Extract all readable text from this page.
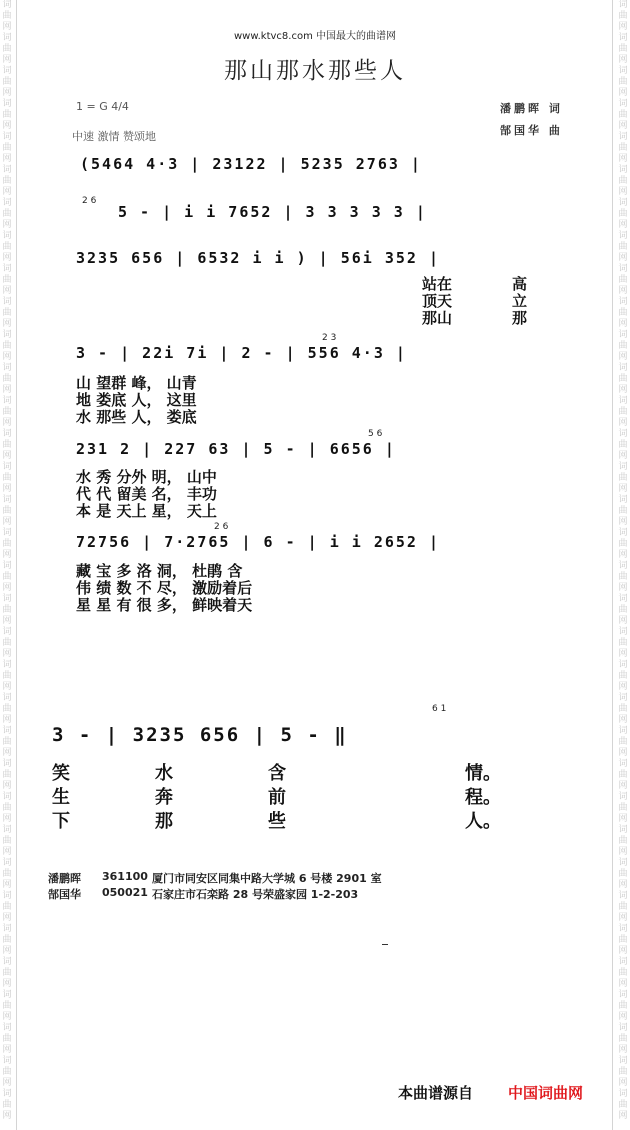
词
曲
网
词
曲
网
词
曲
网
词
曲
网
词
曲
网
词
曲
网
词
曲
网
词
曲
网
词
曲
网
词
曲
网
词
曲
网
词
曲
网
词
曲
网
词
曲
网
词
曲
网
词
曲
网
词
曲
网
词
曲
网
词
曲
网
词
曲
网
词
曲
网
词
曲
网
词
曲
网
词
曲
网
词
曲
网
词
曲
网
词
曲
网
词
曲
网
词
曲
网
词
曲
网
词
曲
网
词
曲
网
词
曲
网
词
曲
网
词
曲
网
词
曲
网
词
曲
网
词
曲
网
词
曲
网
词
曲
网
词
曲
网
词
曲
网
词
曲
网
词
曲
网
词
曲
网
词
曲
网
词
曲
网
词
曲
网
词
曲
网
词
曲
网
词
曲
网
词
曲
网
词
曲
网
词
曲
网
词
曲
网
词
曲
网
词
曲
网
词
曲
网
词
曲
网
词
曲
网
词
曲
网
词
曲
网
词
曲
网
词
曲
网
词
曲
网
词
曲
网
词
曲
网
词
曲
网
www.ktvc8.com 中国最大的曲谱网
那山那水那些人
1 = G 4/4
中速 激情 赞颂地
潘鹏晖 词
郜国华 曲
(5464 4·3 | 23122 | 5235 2763 |
2 6
5 - | i i 7652 | 3 3 3 3 3 |
3235 656 | 6532 i i ) | 56i 352 |
站在
顶天
那山
高
立
那
2 3
3 - | 22i 7i | 2 - | 556 4·3 |
山 望群 峰， 山青
地 娄底 人， 这里
水 那些 人， 娄底
5 6
231 2 | 227 63 | 5 - | 6656 |
水 秀 分外 明， 山中
代 代 留美 名， 丰功
本 是 天上 星， 天上
2 6
72756 | 7·2765 | 6 - | i i 2652 |
藏 宝 多 洛 洞， 杜鹃 含
伟 绩 数 不 尽， 激励着后
星 星 有 很 多， 鲜映着天
6 1
3 - | 3235 656 | 5 - ‖
笑	水	含	情。
生	奔	前	程。
下	那	些	人。
潘鹏晖 361100 厦门市同安区同集中路大学城 6 号楼 2901 室
郜国华 050021 石家庄市石栾路 28 号荣盛家园 1-2-203
本曲谱源自 中国词曲网
